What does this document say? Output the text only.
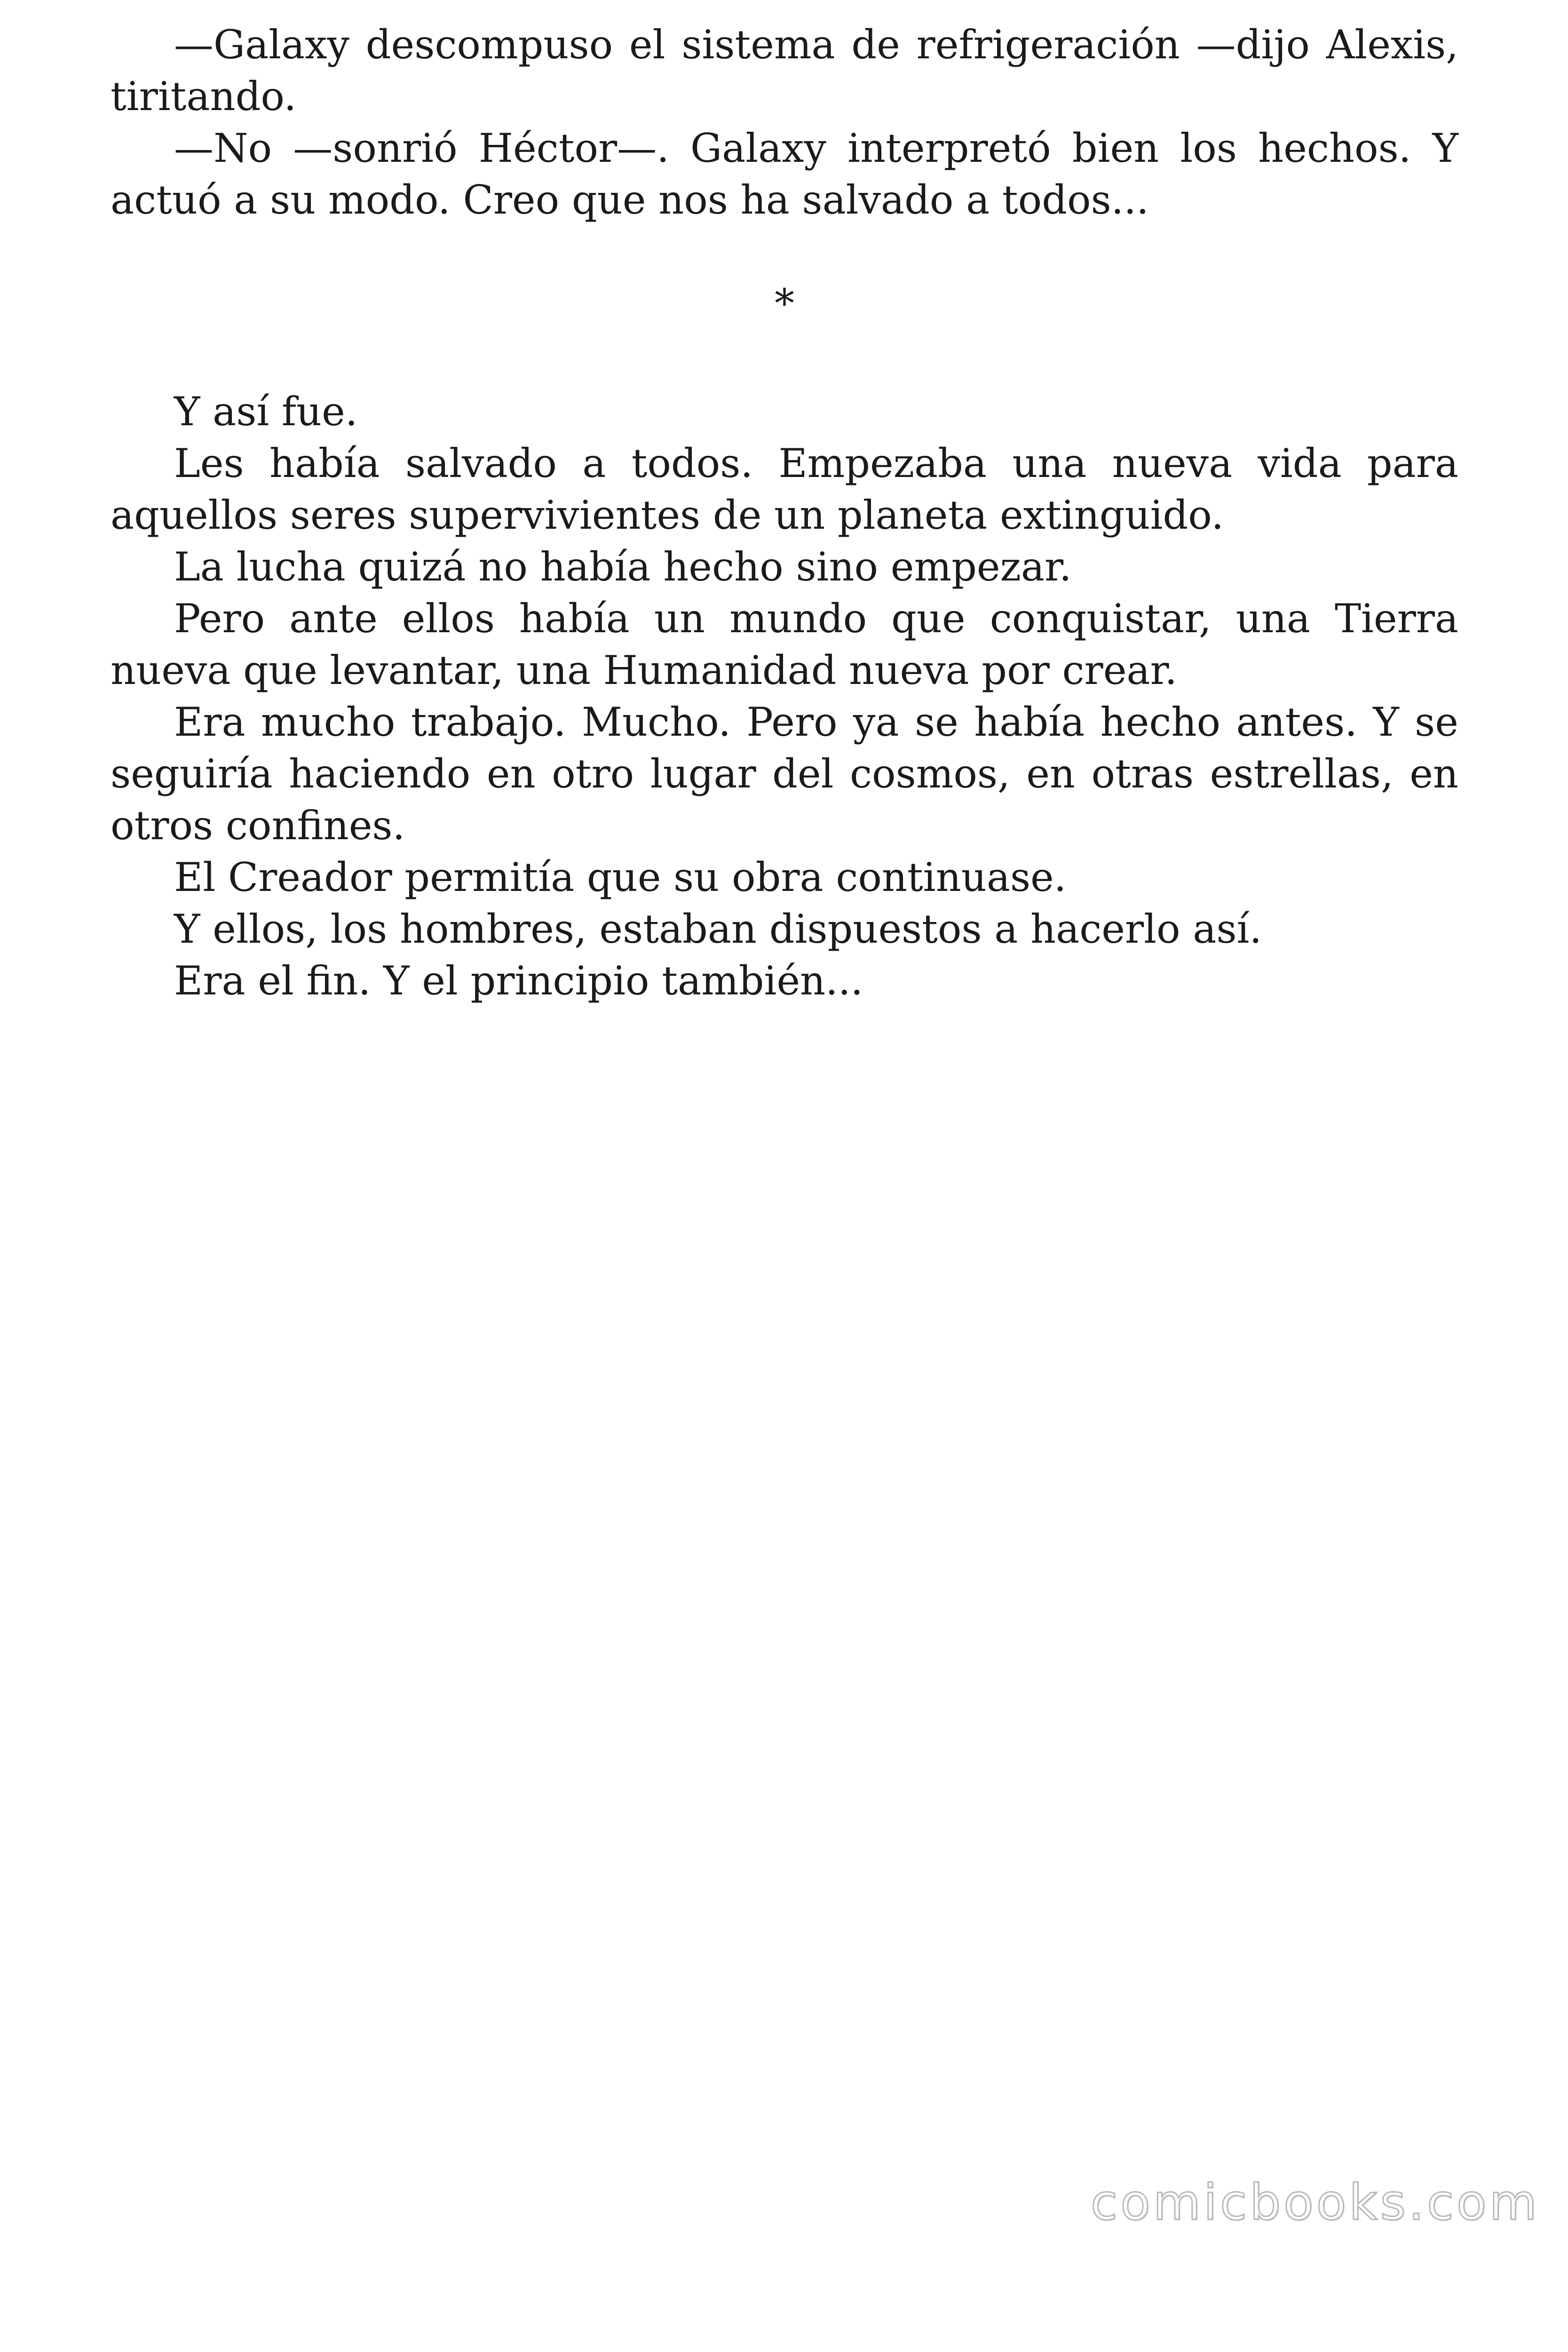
—Galaxy descompuso el sistema de refrigeración —dijo Alexis, tiritando.

—No —sonrió Héctor—. Galaxy interpretó bien los hechos. Y actuó a su modo. Creo que nos ha salvado a todos...

*

Y así fue.

Les había salvado a todos. Empezaba una nueva vida para aquellos seres supervivientes de un planeta extinguido.

La lucha quizá no había hecho sino empezar.

Pero ante ellos había un mundo que conquistar, una Tierra nueva que levantar, una Humanidad nueva por crear.

Era mucho trabajo. Mucho. Pero ya se había hecho antes. Y se seguiría haciendo en otro lugar del cosmos, en otras estrellas, en otros confines.

El Creador permitía que su obra continuase.

Y ellos, los hombres, estaban dispuestos a hacerlo así.

Era el fin. Y el principio también...

comicbooks.com
